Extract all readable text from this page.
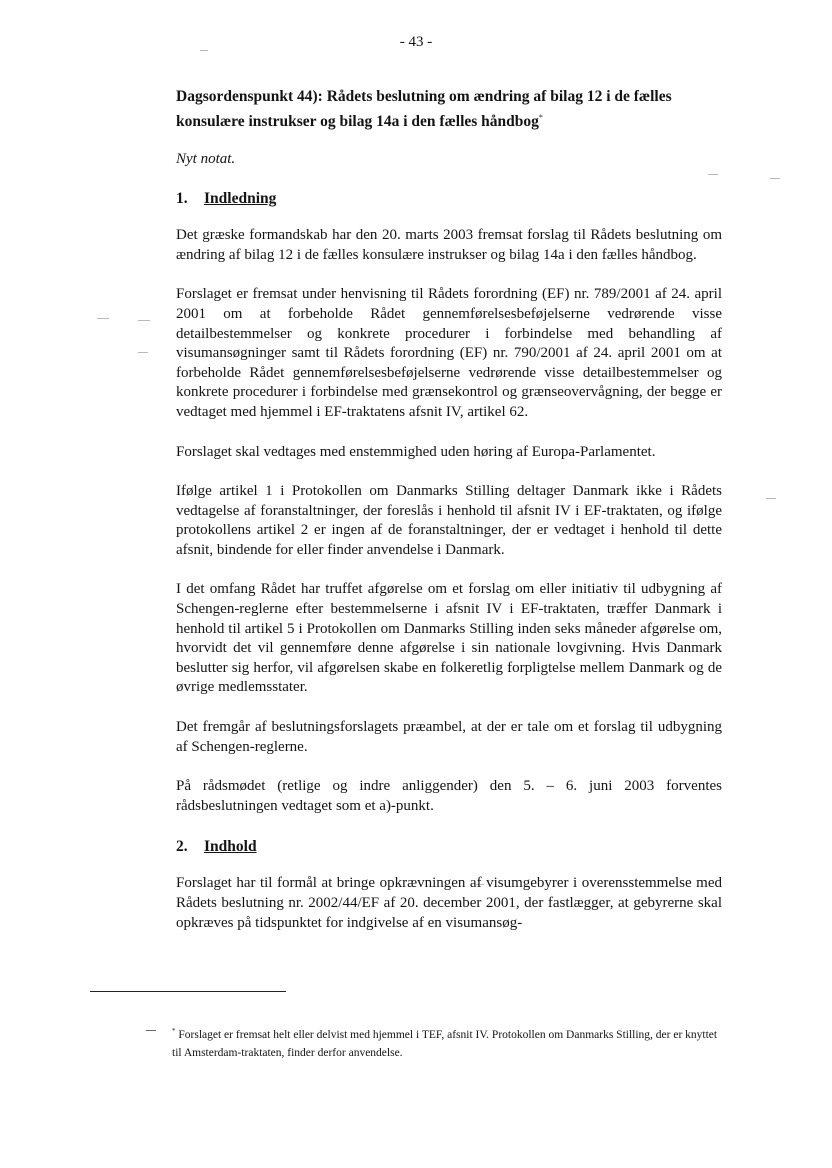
- 43 -

Dagsordenspunkt 44): Rådets beslutning om ændring af bilag 12 i de fælles konsulære instrukser og bilag 14a i den fælles håndbog*

Nyt notat.

1.	Indledning

Det græske formandskab har den 20. marts 2003 fremsat forslag til Rådets beslutning om ændring af bilag 12 i de fælles konsulære instrukser og bilag 14a i den fælles håndbog.

Forslaget er fremsat under henvisning til Rådets forordning (EF) nr. 789/2001 af 24. april 2001 om at forbeholde Rådet gennemførelsesbeføjelserne vedrørende visse detailbestemmelser og konkrete procedurer i forbindelse med behandling af visumansøgninger samt til Rådets forordning (EF) nr. 790/2001 af 24. april 2001 om at forbeholde Rådet gennemførelsesbeføjelserne vedrørende visse detailbestemmelser og konkrete procedurer i forbindelse med grænsekontrol og grænseovervågning, der begge er vedtaget med hjemmel i EF-traktatens afsnit IV, artikel 62.

Forslaget skal vedtages med enstemmighed uden høring af Europa-Parlamentet.

Ifølge artikel 1 i Protokollen om Danmarks Stilling deltager Danmark ikke i Rådets vedtagelse af foranstaltninger, der foreslås i henhold til afsnit IV i EF-traktaten, og ifølge protokollens artikel 2 er ingen af de foranstaltninger, der er vedtaget i henhold til dette afsnit, bindende for eller finder anvendelse i Danmark.

I det omfang Rådet har truffet afgørelse om et forslag om eller initiativ til udbygning af Schengen-reglerne efter bestemmelserne i afsnit IV i EF-traktaten, træffer Danmark i henhold til artikel 5 i Protokollen om Danmarks Stilling inden seks måneder afgørelse om, hvorvidt det vil gennemføre denne afgørelse i sin nationale lovgivning. Hvis Danmark beslutter sig herfor, vil afgørelsen skabe en folkeretlig forpligtelse mellem Danmark og de øvrige medlemsstater.

Det fremgår af beslutningsforslagets præambel, at der er tale om et forslag til udbygning af Schengen-reglerne.

På rådsmødet (retlige og indre anliggender) den 5. – 6. juni 2003 forventes rådsbeslutningen vedtaget som et a)-punkt.

2.	Indhold

Forslaget har til formål at bringe opkrævningen af visumgebyrer i overensstemmelse med Rådets beslutning nr. 2002/44/EF af 20. december 2001, der fastlægger, at gebyrerne skal opkræves på tidspunktet for indgivelse af en visumansøg-

* Forslaget er fremsat helt eller delvist med hjemmel i TEF, afsnit IV. Protokollen om Danmarks Stilling, der er knyttet til Amsterdam-traktaten, finder derfor anvendelse.
